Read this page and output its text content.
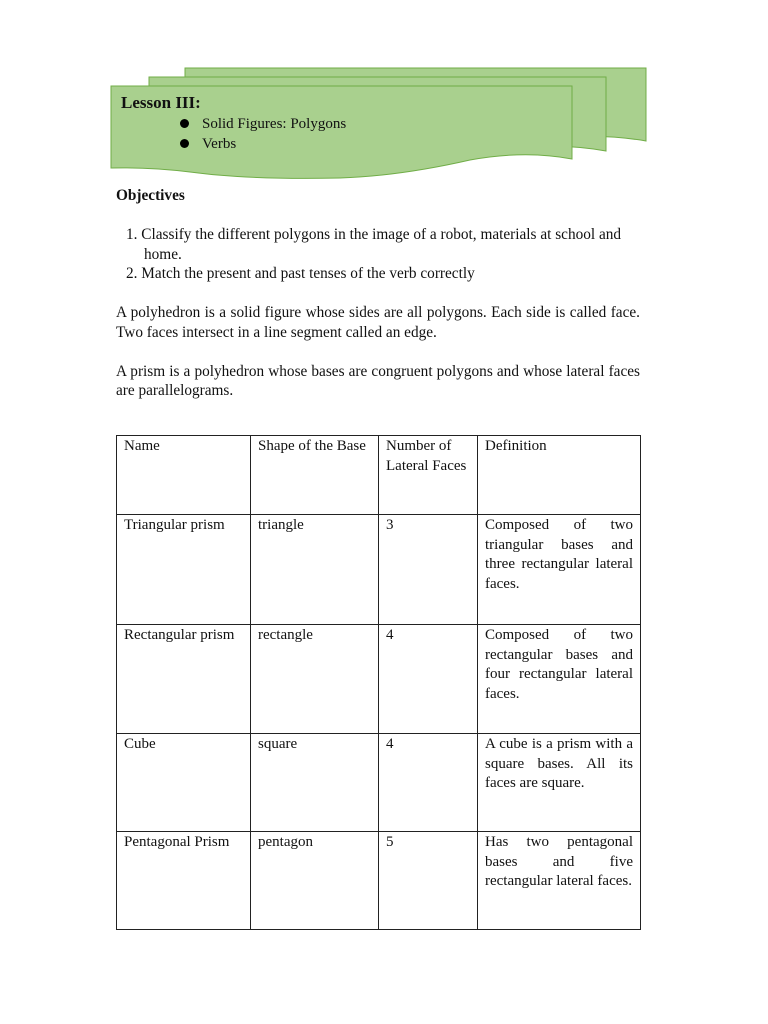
Lesson III:
Solid Figures: Polygons
Verbs

Objectives

1. Classify the different polygons in the image of a robot, materials at school and home.

2. Match the present and past tenses of the verb correctly

A polyhedron is a solid figure whose sides are all polygons. Each side is called face. Two faces intersect in a line segment called an edge.

A prism is a polyhedron whose bases are congruent polygons and whose lateral faces are parallelograms.

Name	Shape of the Base	Number of Lateral Faces	Definition
Triangular prism	triangle	3	Composed of two triangular bases and three rectangular lateral faces.
Rectangular prism	rectangle	4	Composed of two rectangular bases and four rectangular lateral faces.
Cube	square	4	A cube is a prism with a square bases. All its faces are square.
Pentagonal Prism	pentagon	5	Has two pentagonal bases and five rectangular lateral faces.
